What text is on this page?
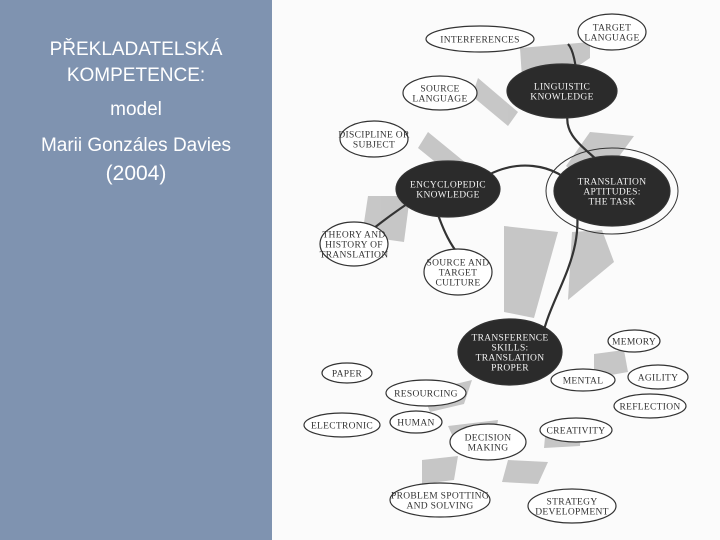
PŘEKLADATELSKÁ
KOMPETENCE:
model
Marii Gonzáles Davies
(2004)
INTERFERENCES
TARGET
LANGUAGE
SOURCE
LANGUAGE
LINGUISTIC
KNOWLEDGE
DISCIPLINE OR
SUBJECT
ENCYCLOPEDIC
KNOWLEDGE
TRANSLATION
APTITUDES:
THE TASK
THEORY AND
HISTORY OF
TRANSLATION
SOURCE AND
TARGET
CULTURE
TRANSFERENCE
SKILLS:
TRANSLATION
PROPER
MEMORY
PAPER
MENTAL	AGILITY
RESOURCING
REFLECTION
ELECTRONIC	HUMAN
CREATIVITY
DECISION
MAKING
PROBLEM SPOTTING
AND SOLVING	STRATEGY
DEVELOPMENT
